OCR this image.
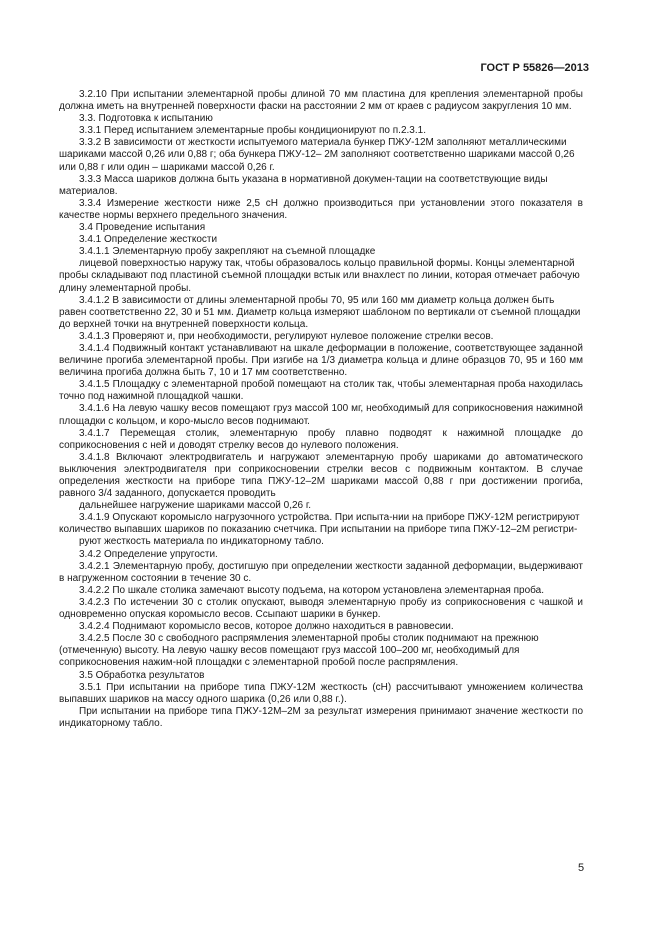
ГОСТ Р 55826—2013

3.2.10 При испытании элементарной пробы длиной 70 мм пластина для крепления элементарной пробы должна иметь на внутренней поверхности фаски на расстоянии 2 мм от краев с радиусом закругления 10 мм.

3.3. Подготовка к испытанию

3.3.1 Перед испытанием элементарные пробы кондиционируют по п.2.3.1.

3.3.2 В зависимости от жесткости испытуемого материала бункер ПЖУ-12М заполняют металлическими шариками массой 0,26 или 0,88 г; оба бункера ПЖУ-12– 2М заполняют соответственно шариками массой 0,26 или 0,88 г или один – шариками массой 0,26 г.

3.3.3 Масса шариков должна быть указана в нормативной докумен-тации на соответствующие виды материалов.

3.3.4 Измерение жесткости ниже 2,5 сН должно производиться при установлении этого показателя в качестве нормы верхнего предельного значения.

3.4 Проведение испытания

3.4.1 Определение жесткости

3.4.1.1 Элементарную пробу закрепляют на съемной площадке

лицевой поверхностью наружу так, чтобы образовалось кольцо правильной формы. Концы элементарной пробы складывают под пластиной съемной площадки встык или внахлест по линии, которая отмечает рабочую длину элементарной пробы.

3.4.1.2 В зависимости от длины элементарной пробы 70, 95 или 160 мм диаметр кольца должен быть равен соответственно 22, 30 и 51 мм. Диаметр кольца измеряют шаблоном по вертикали от съемной площадки до верхней точки на внутренней поверхности кольца.

3.4.1.3 Проверяют и, при необходимости, регулируют нулевое положение стрелки весов.

3.4.1.4 Подвижный контакт устанавливают на шкале деформации в положение, соответствующее заданной величине прогиба элементарной пробы. При изгибе на 1/3 диаметра кольца и длине образцов 70, 95 и 160 мм величина прогиба должна быть 7, 10 и 17 мм соответственно.

3.4.1.5 Площадку с элементарной пробой помещают на столик так, чтобы элементарная проба находилась точно под нажимной площадкой чашки.

3.4.1.6 На левую чашку весов помещают груз массой 100 мг, необходимый для соприкосновения нажимной площадки с кольцом, и коро-мысло весов поднимают.

3.4.1.7 Перемещая столик, элементарную пробу плавно подводят к нажимной площадке до соприкосновения с ней и доводят стрелку весов до нулевого положения.

3.4.1.8 Включают электродвигатель и нагружают элементарную пробу шариками до автоматического выключения электродвигателя при соприкосновении стрелки весов с подвижным контактом. В случае определения жесткости на приборе типа ПЖУ-12–2М шариками массой 0,88 г при достижении прогиба, равного 3/4 заданного, допускается проводить

дальнейшее нагружение шариками массой 0,26 г.

3.4.1.9 Опускают коромысло нагрузочного устройства. При испыта-нии на приборе ПЖУ-12М регистрируют количество выпавших шариков по показанию счетчика. При испытании на приборе типа ПЖУ-12–2М регистри-

руют жесткость материала по индикаторному табло.

3.4.2 Определение упругости.

3.4.2.1 Элементарную пробу, достигшую при определении жесткости заданной деформации, выдерживают в нагруженном состоянии в течение 30 с.

3.4.2.2 По шкале столика замечают высоту подъема, на котором установлена элементарная проба.

3.4.2.3 По истечении 30 с столик опускают, выводя элементарную пробу из соприкосновения с чашкой и одновременно опуская коромысло весов. Ссыпают шарики в бункер.

3.4.2.4 Поднимают коромысло весов, которое должно находиться в равновесии.

3.4.2.5 После 30 с свободного распрямления элементарной пробы столик поднимают на прежнюю (отмеченную) высоту. На левую чашку весов помещают груз массой 100–200 мг, необходимый для соприкосновения нажим-ной площадки с элементарной пробой после распрямления.

3.5 Обработка результатов

3.5.1 При испытании на приборе типа ПЖУ-12М жесткость (сН) рассчитывают умножением количества выпавших шариков на массу одного шарика (0,26 или 0,88 г.).

При испытании на приборе типа ПЖУ-12М–2М за результат измерения принимают значение жесткости по индикаторному табло.

5
